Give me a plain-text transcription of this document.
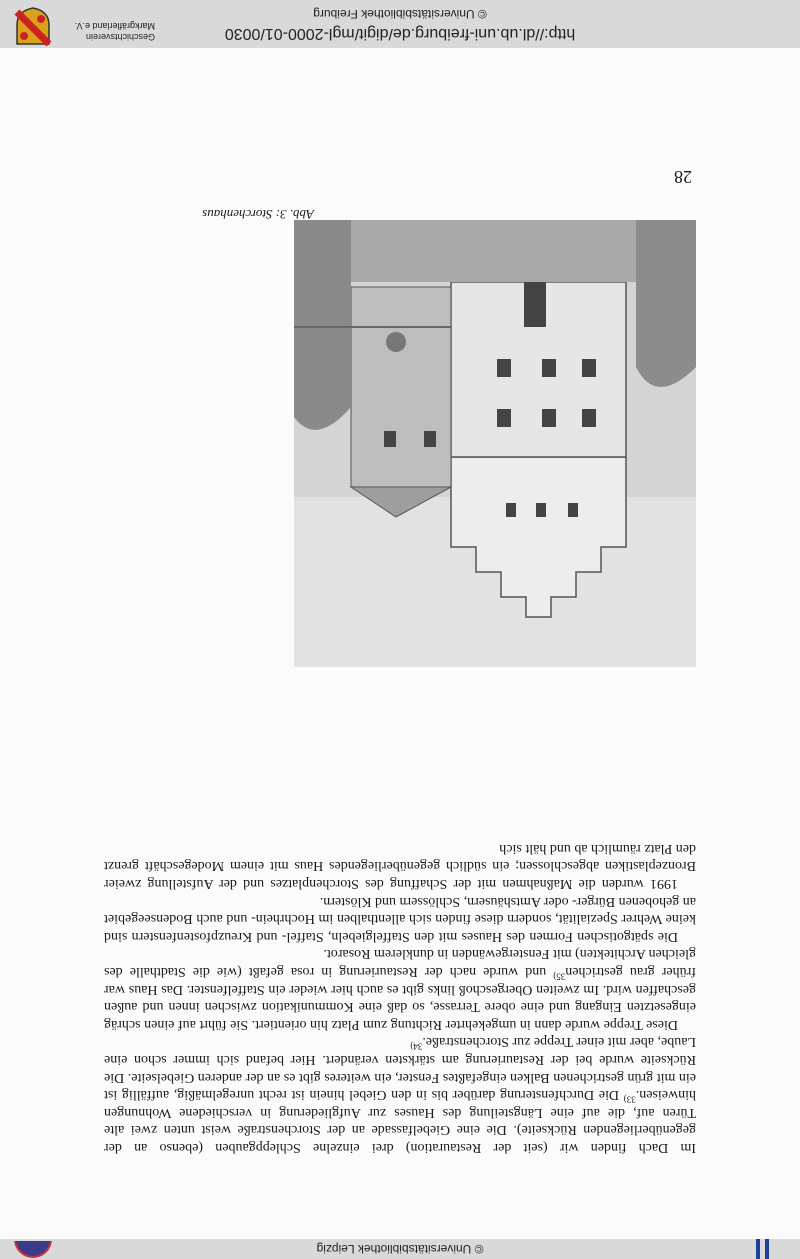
© Universitätsbibliothek Leipzig
http://dl.ub.uni-freiburg.de/digit/mgl-2000-01/0030
© Universitätsbibliothek Freiburg
Geschichtsverein
Markgräflerland e.V.

Im Dach finden wir (seit der Restauration) drei einzelne Schleppgauben (ebenso an der gegenüberliegenden Rückseite). Die eine Giebelfassade an der Storchenstraße weist unten zwei alte Türen auf, die auf eine Längsteilung des Hauses zur Aufgliederung in verschiedene Wohnungen hinweisen.$^{33)}$ Die Durchfensterung darüber bis in den Giebel hinein ist recht unregelmäßig, auffällig ist ein mit grün gestrichenen Balken eingefaßtes Fenster, ein weiteres gibt es an der anderen Giebelseite. Die Rückseite wurde bei der Restaurierung am stärksten verändert. Hier befand sich immer schon eine Laube, aber mit einer Treppe zur Storchenstraße.$^{34)}$

Diese Treppe wurde dann in umgekehrter Richtung zum Platz hin orientiert. Sie führt auf einen schräg eingesetzten Eingang und eine obere Terrasse, so daß eine Kommunikation zwischen innen und außen geschaffen wird. Im zweiten Obergeschoß links gibt es auch hier wieder ein Staffelfenster. Das Haus war früher grau gestrichen$^{35)}$ und wurde nach der Restaurierung in rosa gefaßt (wie die Stadthalle des gleichen Architekten) mit Fenstergewänden in dunklerem Rosarot.

Die spätgotischen Formen des Hauses mit den Staffelgiebeln, Staffel- und Kreuzpfostenfenstern sind keine Wehrer Spezialität, sondern diese finden sich allenthalben im Hochrhein- und auch Bodenseegebiet an gehobenen Bürger- oder Amtshäusern, Schlössern und Klöstern.

1991 wurden die Maßnahmen mit der Schaffung des Storchenplatzes und der Aufstellung zweier Bronzeplastiken abgeschlossen; ein südlich gegenüberliegendes Haus mit einem Modegeschäft grenzt den Platz räumlich ab und hält sich

Abb. 3: Storchenhaus
28
